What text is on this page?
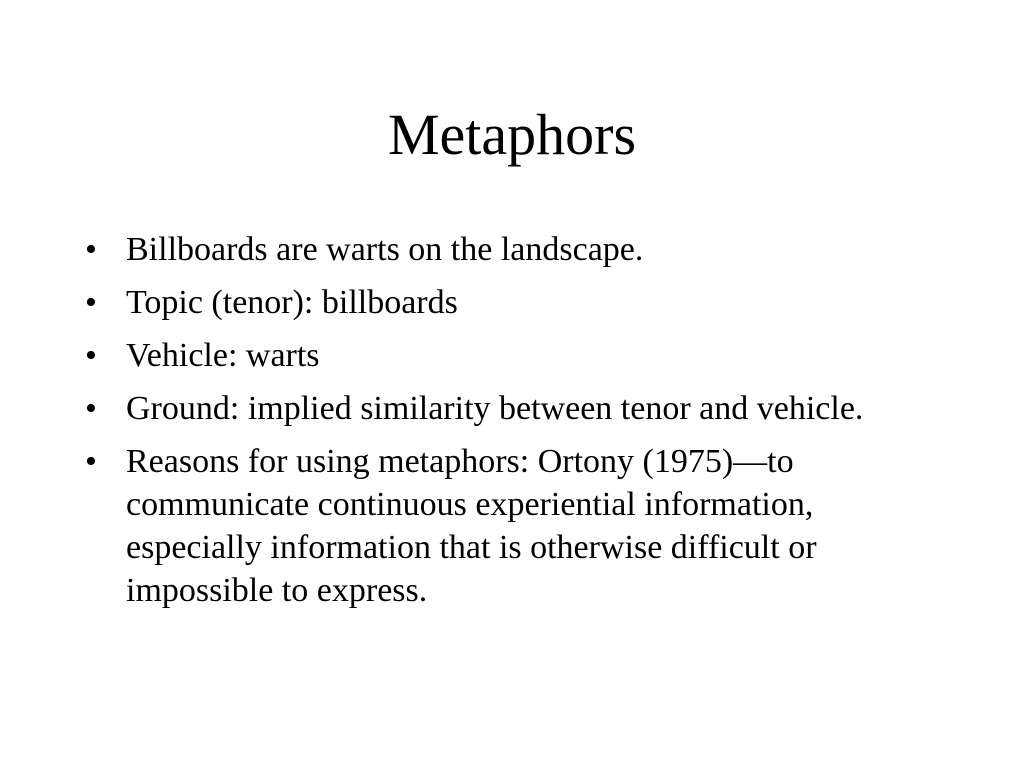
Metaphors
• Billboards are warts on the landscape.
• Topic (tenor): billboards
• Vehicle: warts
• Ground: implied similarity between tenor and vehicle.
• Reasons for using metaphors: Ortony (1975)—to communicate continuous experiential information, especially information that is otherwise difficult or impossible to express.
